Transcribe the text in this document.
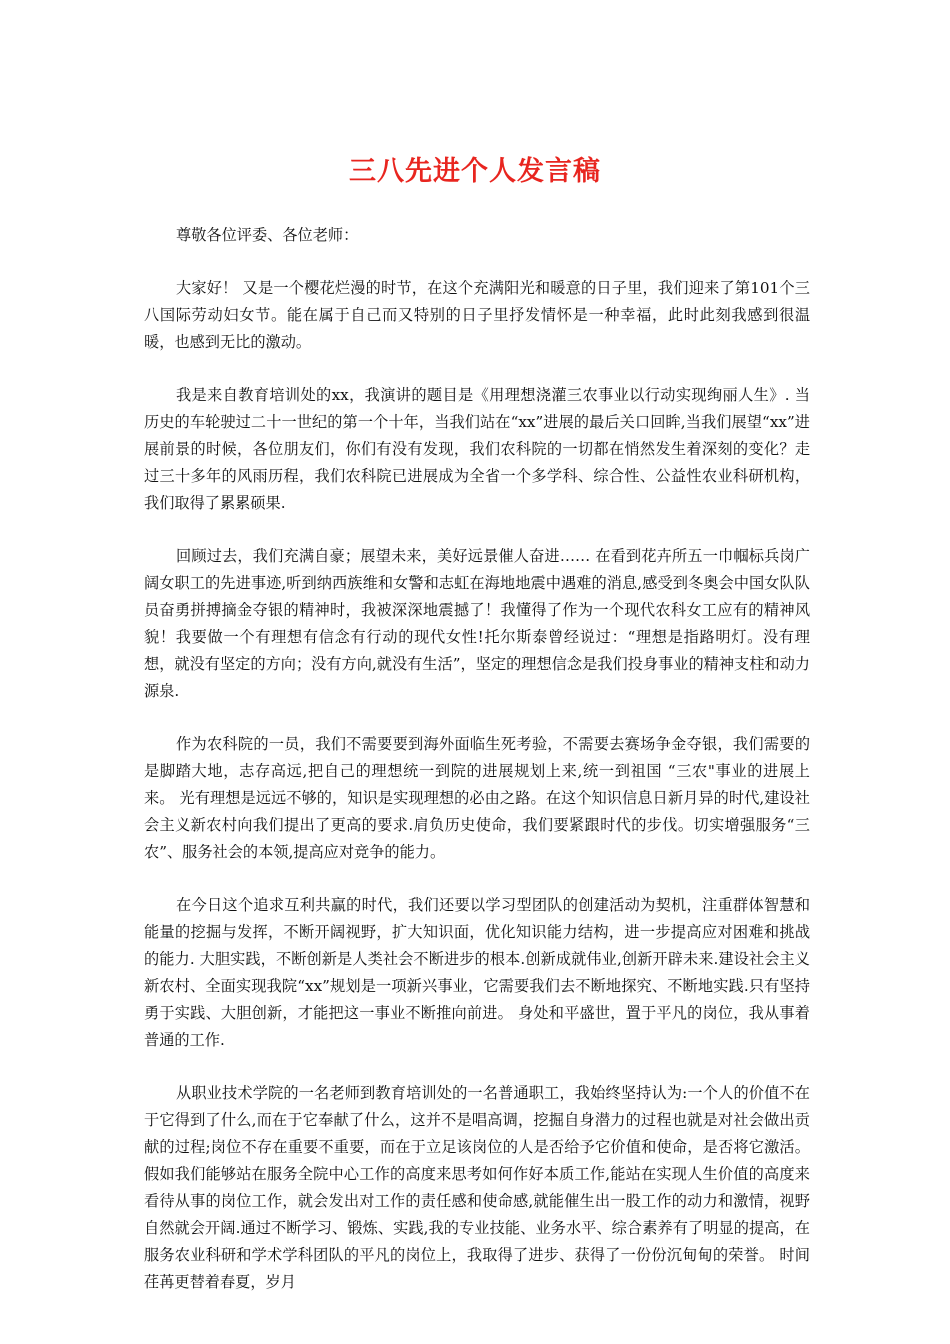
三八先进个人发言稿

尊敬各位评委、各位老师：

大家好！ 又是一个樱花烂漫的时节，在这个充满阳光和暖意的日子里，我们迎来了第101个三八国际劳动妇女节。能在属于自己而又特别的日子里抒发情怀是一种幸福，此时此刻我感到很温暖，也感到无比的激动。

我是来自教育培训处的xx，我演讲的题目是《用理想浇灌三农事业以行动实现绚丽人生》. 当历史的车轮驶过二十一世纪的第一个十年，当我们站在“xx”进展的最后关口回眸,当我们展望“xx”进展前景的时候，各位朋友们，你们有没有发现，我们农科院的一切都在悄然发生着深刻的变化？走过三十多年的风雨历程，我们农科院已进展成为全省一个多学科、综合性、公益性农业科研机构，我们取得了累累硕果.

回顾过去，我们充满自豪；展望未来，美好远景催人奋进…… 在看到花卉所五一巾帼标兵岗广阔女职工的先进事迹,听到纳西族维和女警和志虹在海地地震中遇难的消息,感受到冬奥会中国女队队员奋勇拼搏摘金夺银的精神时，我被深深地震撼了！我懂得了作为一个现代农科女工应有的精神风貌！我要做一个有理想有信念有行动的现代女性!托尔斯泰曾经说过：“理想是指路明灯。没有理想，就没有坚定的方向；没有方向,就没有生活”，坚定的理想信念是我们投身事业的精神支柱和动力源泉.

作为农科院的一员，我们不需要要到海外面临生死考验，不需要去赛场争金夺银，我们需要的是脚踏大地，志存高远,把自己的理想统一到院的进展规划上来,统一到祖国 “三农"事业的进展上来。 光有理想是远远不够的，知识是实现理想的必由之路。在这个知识信息日新月异的时代,建设社会主义新农村向我们提出了更高的要求.肩负历史使命，我们要紧跟时代的步伐。切实增强服务“三农”、服务社会的本领,提高应对竞争的能力。

在今日这个追求互利共赢的时代，我们还要以学习型团队的创建活动为契机，注重群体智慧和能量的挖掘与发挥，不断开阔视野，扩大知识面，优化知识能力结构，进一步提高应对困难和挑战的能力. 大胆实践，不断创新是人类社会不断进步的根本.创新成就伟业,创新开辟未来.建设社会主义新农村、全面实现我院“xx”规划是一项新兴事业，它需要我们去不断地探究、不断地实践.只有坚持勇于实践、大胆创新，才能把这一事业不断推向前进。 身处和平盛世，置于平凡的岗位，我从事着普通的工作.

从职业技术学院的一名老师到教育培训处的一名普通职工，我始终坚持认为:一个人的价值不在于它得到了什么,而在于它奉献了什么，这并不是唱高调，挖掘自身潜力的过程也就是对社会做出贡献的过程;岗位不存在重要不重要，而在于立足该岗位的人是否给予它价值和使命，是否将它激活。假如我们能够站在服务全院中心工作的高度来思考如何作好本质工作,能站在实现人生价值的高度来看待从事的岗位工作，就会发出对工作的责任感和使命感,就能催生出一股工作的动力和激情，视野自然就会开阔.通过不断学习、锻炼、实践,我的专业技能、业务水平、综合素养有了明显的提高，在服务农业科研和学术学科团队的平凡的岗位上，我取得了进步、获得了一份份沉甸甸的荣誉。 时间荏苒更替着春夏，岁月
